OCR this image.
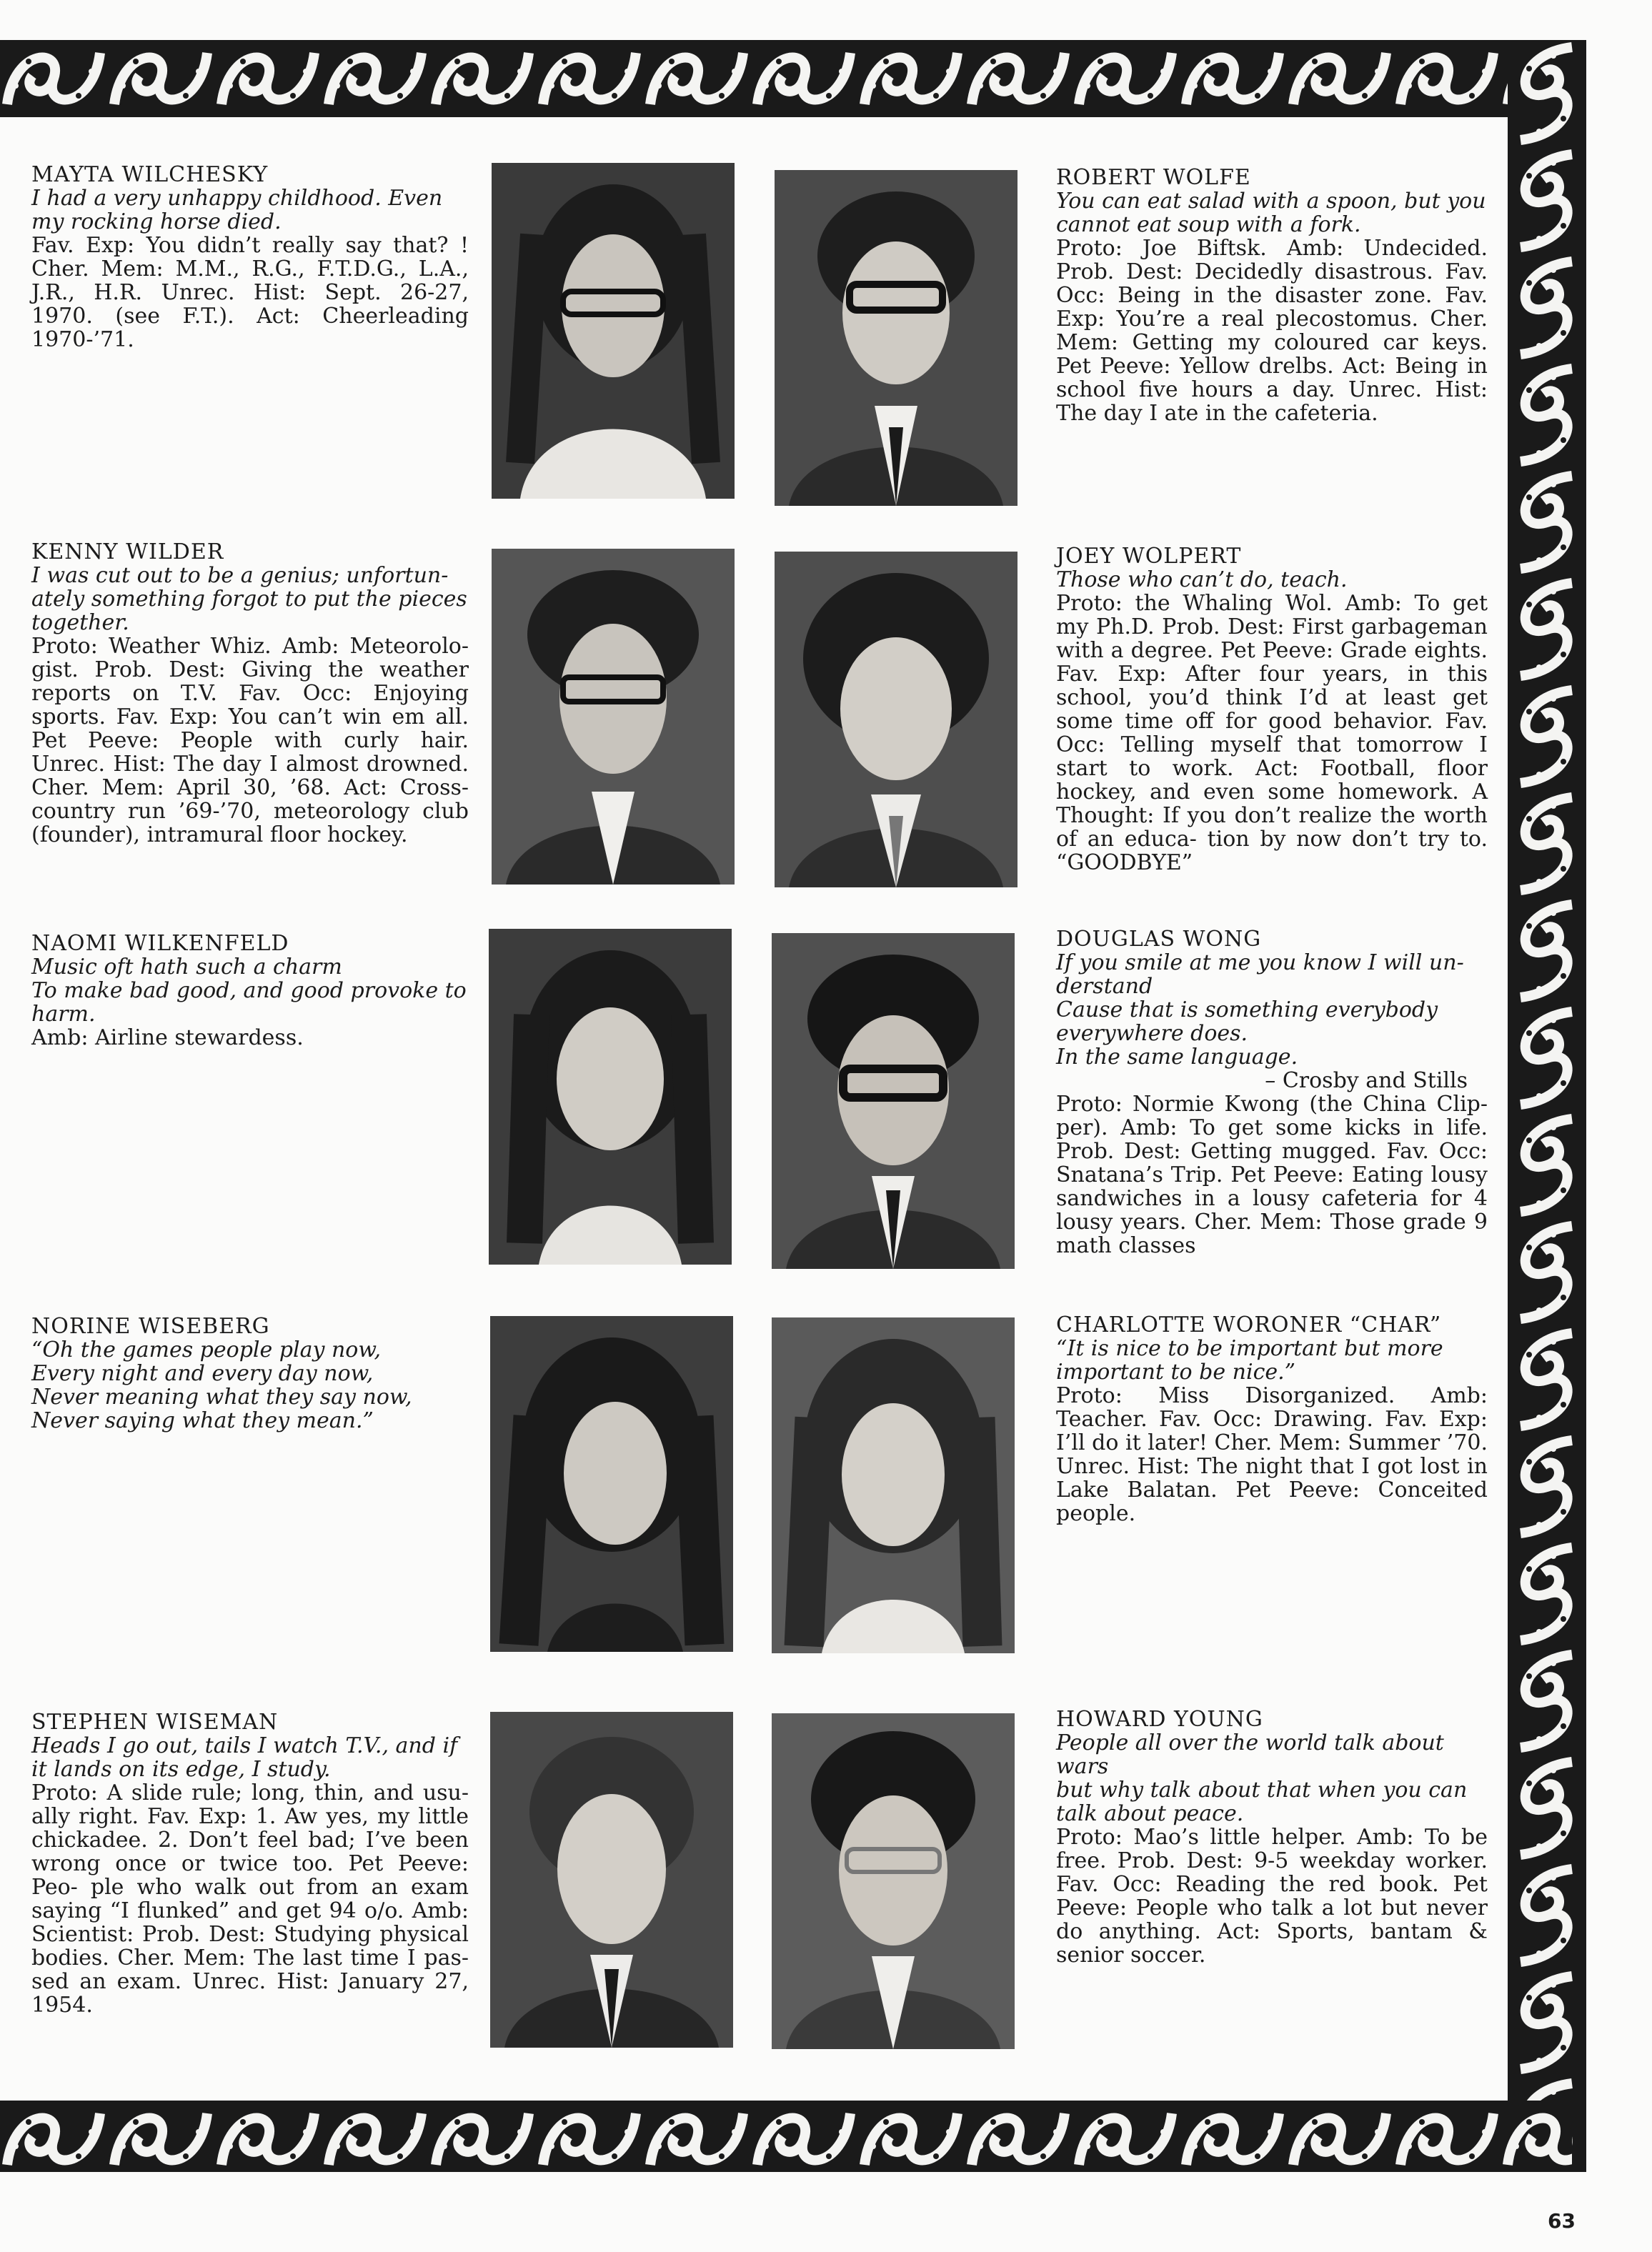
MAYTA WILCHESKY
I had a very unhappy childhood. Even
my rocking horse died.
Fav. Exp: You didn’t really say that? ! Cher. Mem: M.M., R.G., F.T.D.G., L.A., J.R., H.R. Unrec. Hist: Sept. 26-27, 1970. (see F.T.). Act: Cheerleading 1970-’71.
ROBERT WOLFE
You can eat salad with a spoon, but you
cannot eat soup with a fork.
Proto: Joe Biftsk. Amb: Undecided. Prob. Dest: Decidedly disastrous. Fav. Occ: Being in the disaster zone. Fav. Exp: You’re a real plecostomus. Cher. Mem: Getting my coloured car keys. Pet Peeve: Yellow drelbs. Act: Being in school five hours a day. Unrec. Hist: The day I ate in the cafeteria.
KENNY WILDER
I was cut out to be a genius; unfortun-
ately something forgot to put the pieces
together.
Proto: Weather Whiz. Amb: Meteorolo- gist. Prob. Dest: Giving the weather reports on T.V. Fav. Occ: Enjoying sports. Fav. Exp: You can’t win em all. Pet Peeve: People with curly hair. Unrec. Hist: The day I almost drowned. Cher. Mem: April 30, ’68. Act: Cross-country run ’69-’70, meteorology club (founder), intramural floor hockey.
JOEY WOLPERT
Those who can’t do, teach.
Proto: the Whaling Wol. Amb: To get my Ph.D. Prob. Dest: First garbageman with a degree. Pet Peeve: Grade eights. Fav. Exp: After four years, in this school, you’d think I’d at least get some time off for good behavior. Fav. Occ: Telling myself that tomorrow I start to work. Act: Football, floor hockey, and even some homework. A Thought: If you don’t realize the worth of an educa- tion by now don’t try to. “GOODBYE”
NAOMI WILKENFELD
Music oft hath such a charm
To make bad good, and good provoke to
harm.
Amb: Airline stewardess.
DOUGLAS WONG
If you smile at me you know I will un-
derstand
Cause that is something everybody
everywhere does.
In the same language.
– Crosby and Stills
Proto: Normie Kwong (the China Clip- per). Amb: To get some kicks in life. Prob. Dest: Getting mugged. Fav. Occ: Snatana’s Trip. Pet Peeve: Eating lousy sandwiches in a lousy cafeteria for 4 lousy years. Cher. Mem: Those grade 9 math classes
NORINE WISEBERG
“Oh the games people play now,
Every night and every day now,
Never meaning what they say now,
Never saying what they mean.”
CHARLOTTE WORONER “CHAR”
“It is nice to be important but more
important to be nice.”
Proto: Miss Disorganized. Amb: Teacher. Fav. Occ: Drawing. Fav. Exp: I’ll do it later! Cher. Mem: Summer ’70. Unrec. Hist: The night that I got lost in Lake Balatan. Pet Peeve: Conceited people.
STEPHEN WISEMAN
Heads I go out, tails I watch T.V., and if
it lands on its edge, I study.
Proto: A slide rule; long, thin, and usu- ally right. Fav. Exp: 1. Aw yes, my little chickadee. 2. Don’t feel bad; I’ve been wrong once or twice too. Pet Peeve: Peo- ple who walk out from an exam saying “I flunked” and get 94 o/o. Amb: Scientist: Prob. Dest: Studying physical bodies. Cher. Mem: The last time I pas- sed an exam. Unrec. Hist: January 27, 1954.
HOWARD YOUNG
People all over the world talk about wars
but why talk about that when you can
talk about peace.
Proto: Mao’s little helper. Amb: To be free. Prob. Dest: 9-5 weekday worker. Fav. Occ: Reading the red book. Pet Peeve: People who talk a lot but never do anything. Act: Sports, bantam & senior soccer.
63
